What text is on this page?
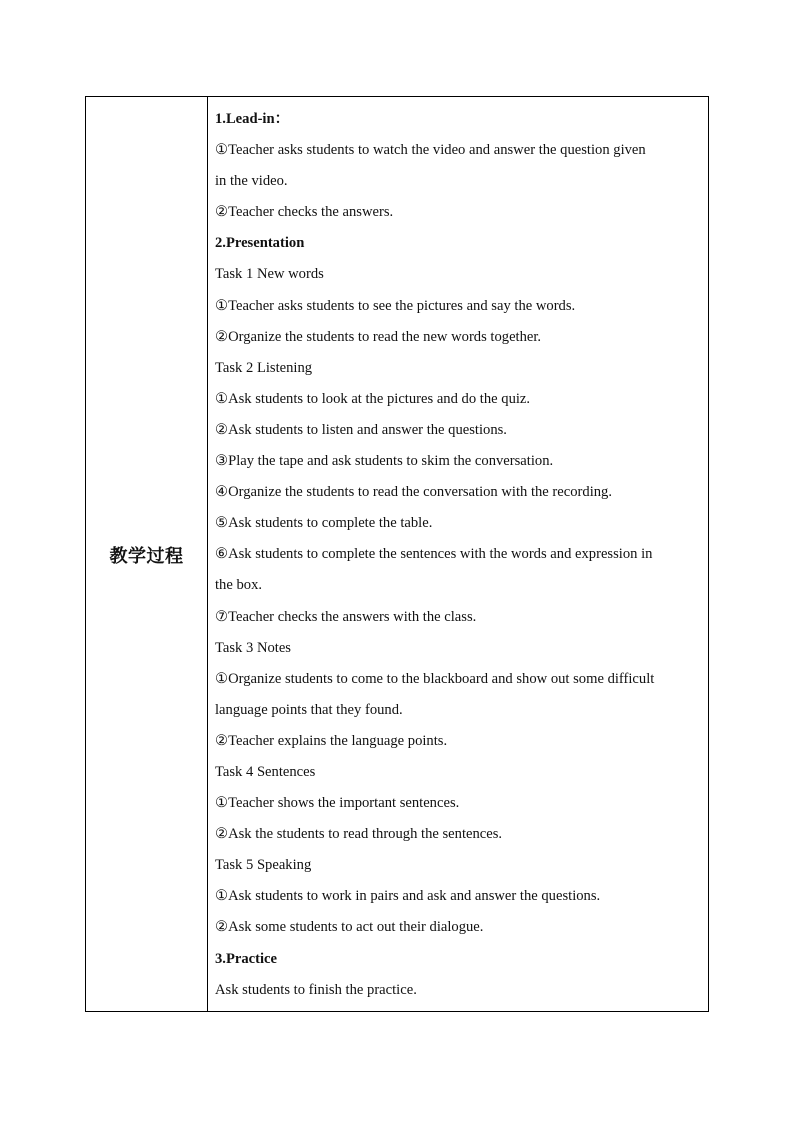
教学过程
1.Lead-in：
①Teacher asks students to watch the video and answer the question given
in the video.
②Teacher checks the answers.
2.Presentation
Task 1 New words
①Teacher asks students to see the pictures and say the words.
②Organize the students to read the new words together.
Task 2 Listening
①Ask students to look at the pictures and do the quiz.
②Ask students to listen and answer the questions.
③Play the tape and ask students to skim the conversation.
④Organize the students to read the conversation with the recording.
⑤Ask students to complete the table.
⑥Ask students to complete the sentences with the words and expression in
the box.
⑦Teacher checks the answers with the class.
Task 3 Notes
①Organize students to come to the blackboard and show out some difficult
language points that they found.
②Teacher explains the language points.
Task 4 Sentences
①Teacher shows the important sentences.
②Ask the students to read through the sentences.
Task 5 Speaking
①Ask students to work in pairs and ask and answer the questions.
②Ask some students to act out their dialogue.
3.Practice
Ask students to finish the practice.
